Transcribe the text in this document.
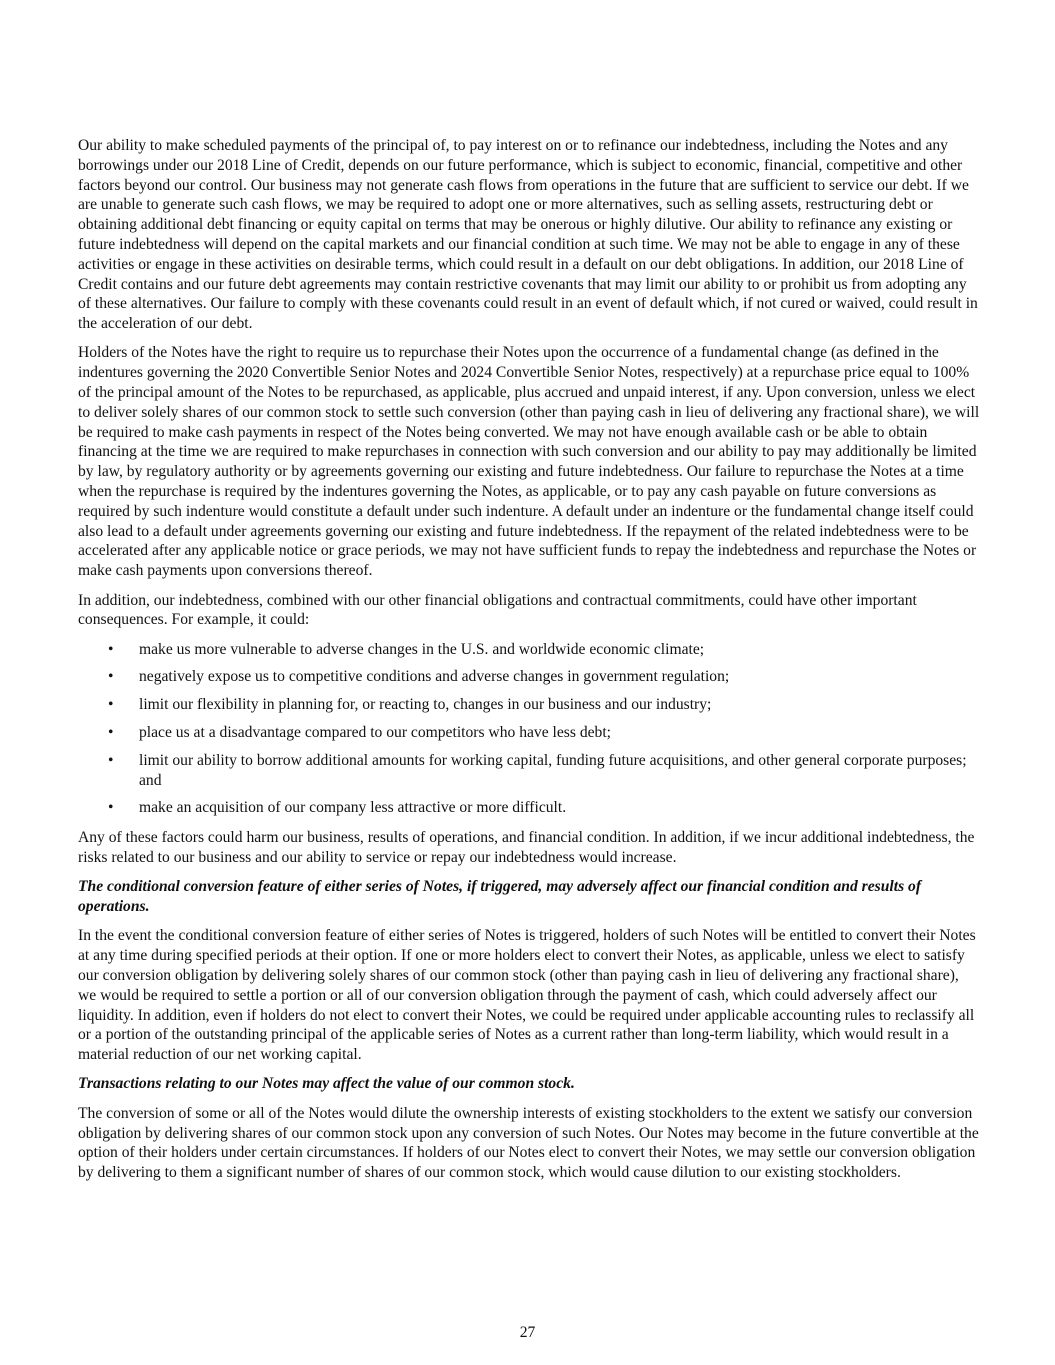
Our ability to make scheduled payments of the principal of, to pay interest on or to refinance our indebtedness, including the Notes and any borrowings under our 2018 Line of Credit, depends on our future performance, which is subject to economic, financial, competitive and other factors beyond our control. Our business may not generate cash flows from operations in the future that are sufficient to service our debt. If we are unable to generate such cash flows, we may be required to adopt one or more alternatives, such as selling assets, restructuring debt or obtaining additional debt financing or equity capital on terms that may be onerous or highly dilutive. Our ability to refinance any existing or future indebtedness will depend on the capital markets and our financial condition at such time. We may not be able to engage in any of these activities or engage in these activities on desirable terms, which could result in a default on our debt obligations. In addition, our 2018 Line of Credit contains and our future debt agreements may contain restrictive covenants that may limit our ability to or prohibit us from adopting any of these alternatives. Our failure to comply with these covenants could result in an event of default which, if not cured or waived, could result in the acceleration of our debt.

Holders of the Notes have the right to require us to repurchase their Notes upon the occurrence of a fundamental change (as defined in the indentures governing the 2020 Convertible Senior Notes and 2024 Convertible Senior Notes, respectively) at a repurchase price equal to 100% of the principal amount of the Notes to be repurchased, as applicable, plus accrued and unpaid interest, if any. Upon conversion, unless we elect to deliver solely shares of our common stock to settle such conversion (other than paying cash in lieu of delivering any fractional share), we will be required to make cash payments in respect of the Notes being converted. We may not have enough available cash or be able to obtain financing at the time we are required to make repurchases in connection with such conversion and our ability to pay may additionally be limited by law, by regulatory authority or by agreements governing our existing and future indebtedness. Our failure to repurchase the Notes at a time when the repurchase is required by the indentures governing the Notes, as applicable, or to pay any cash payable on future conversions as required by such indenture would constitute a default under such indenture. A default under an indenture or the fundamental change itself could also lead to a default under agreements governing our existing and future indebtedness. If the repayment of the related indebtedness were to be accelerated after any applicable notice or grace periods, we may not have sufficient funds to repay the indebtedness and repurchase the Notes or make cash payments upon conversions thereof.

In addition, our indebtedness, combined with our other financial obligations and contractual commitments, could have other important consequences. For example, it could:

• make us more vulnerable to adverse changes in the U.S. and worldwide economic climate;
• negatively expose us to competitive conditions and adverse changes in government regulation;
• limit our flexibility in planning for, or reacting to, changes in our business and our industry;
• place us at a disadvantage compared to our competitors who have less debt;
• limit our ability to borrow additional amounts for working capital, funding future acquisitions, and other general corporate purposes; and
• make an acquisition of our company less attractive or more difficult.

Any of these factors could harm our business, results of operations, and financial condition. In addition, if we incur additional indebtedness, the risks related to our business and our ability to service or repay our indebtedness would increase.

The conditional conversion feature of either series of Notes, if triggered, may adversely affect our financial condition and results of operations.

In the event the conditional conversion feature of either series of Notes is triggered, holders of such Notes will be entitled to convert their Notes at any time during specified periods at their option. If one or more holders elect to convert their Notes, as applicable, unless we elect to satisfy our conversion obligation by delivering solely shares of our common stock (other than paying cash in lieu of delivering any fractional share), we would be required to settle a portion or all of our conversion obligation through the payment of cash, which could adversely affect our liquidity. In addition, even if holders do not elect to convert their Notes, we could be required under applicable accounting rules to reclassify all or a portion of the outstanding principal of the applicable series of Notes as a current rather than long-term liability, which would result in a material reduction of our net working capital.

Transactions relating to our Notes may affect the value of our common stock.

The conversion of some or all of the Notes would dilute the ownership interests of existing stockholders to the extent we satisfy our conversion obligation by delivering shares of our common stock upon any conversion of such Notes. Our Notes may become in the future convertible at the option of their holders under certain circumstances. If holders of our Notes elect to convert their Notes, we may settle our conversion obligation by delivering to them a significant number of shares of our common stock, which would cause dilution to our existing stockholders.

27
